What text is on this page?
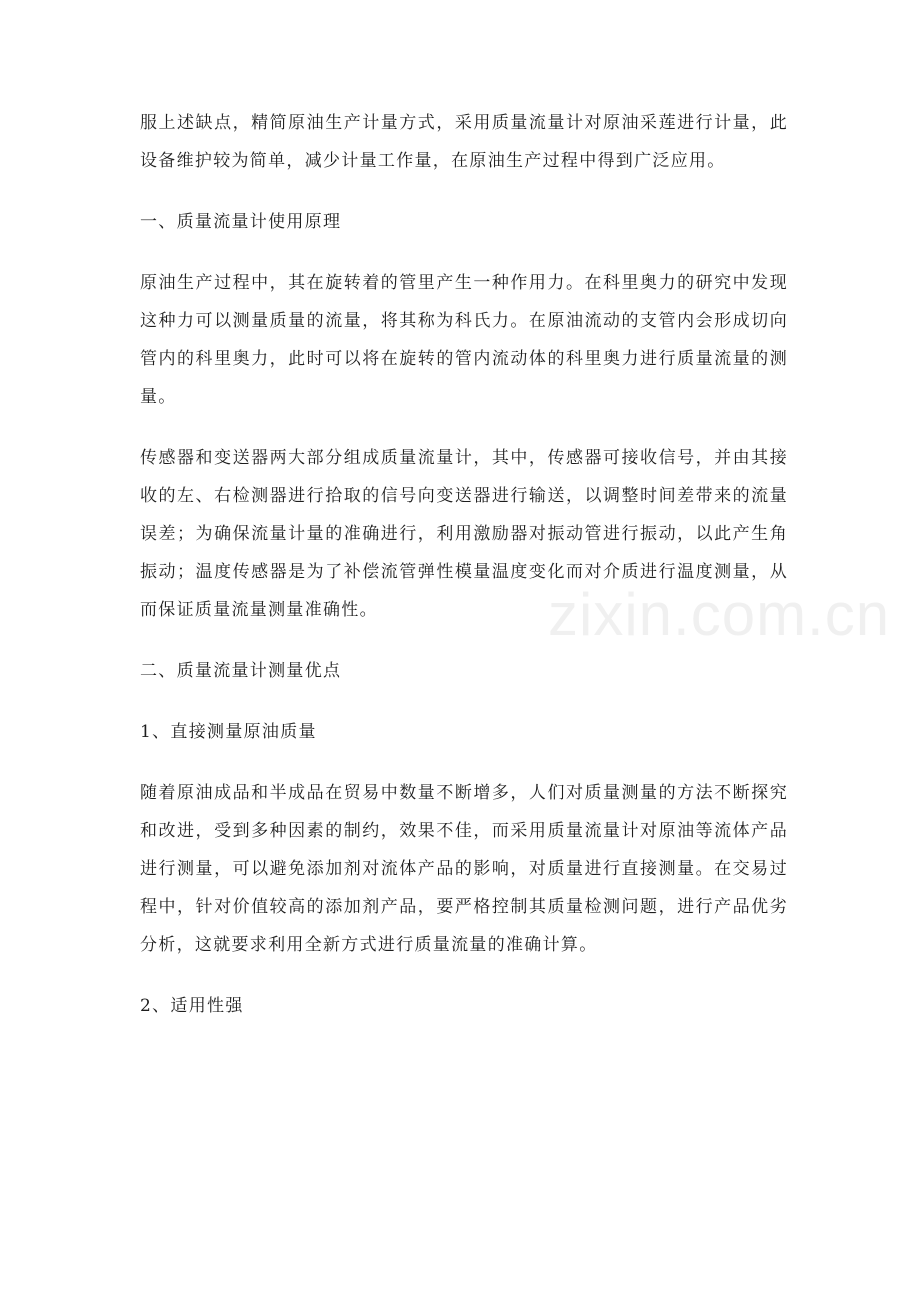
服上述缺点，精简原油生产计量方式，采用质量流量计对原油采莲进行计量，此设备维护较为简单，减少计量工作量，在原油生产过程中得到广泛应用。

一、质量流量计使用原理

原油生产过程中，其在旋转着的管里产生一种作用力。在科里奥力的研究中发现这种力可以测量质量的流量，将其称为科氏力。在原油流动的支管内会形成切向管内的科里奥力，此时可以将在旋转的管内流动体的科里奥力进行质量流量的测量。

传感器和变送器两大部分组成质量流量计，其中，传感器可接收信号，并由其接收的左、右检测器进行拾取的信号向变送器进行输送，以调整时间差带来的流量误差；为确保流量计量的准确进行，利用激励器对振动管进行振动，以此产生角振动；温度传感器是为了补偿流管弹性模量温度变化而对介质进行温度测量，从而保证质量流量测量准确性。

二、质量流量计测量优点

1、直接测量原油质量

随着原油成品和半成品在贸易中数量不断增多，人们对质量测量的方法不断探究和改进，受到多种因素的制约，效果不佳，而采用质量流量计对原油等流体产品进行测量，可以避免添加剂对流体产品的影响，对质量进行直接测量。在交易过程中，针对价值较高的添加剂产品，要严格控制其质量检测问题，进行产品优劣分析，这就要求利用全新方式进行质量流量的准确计算。

2、适用性强

zixin.com.cn
